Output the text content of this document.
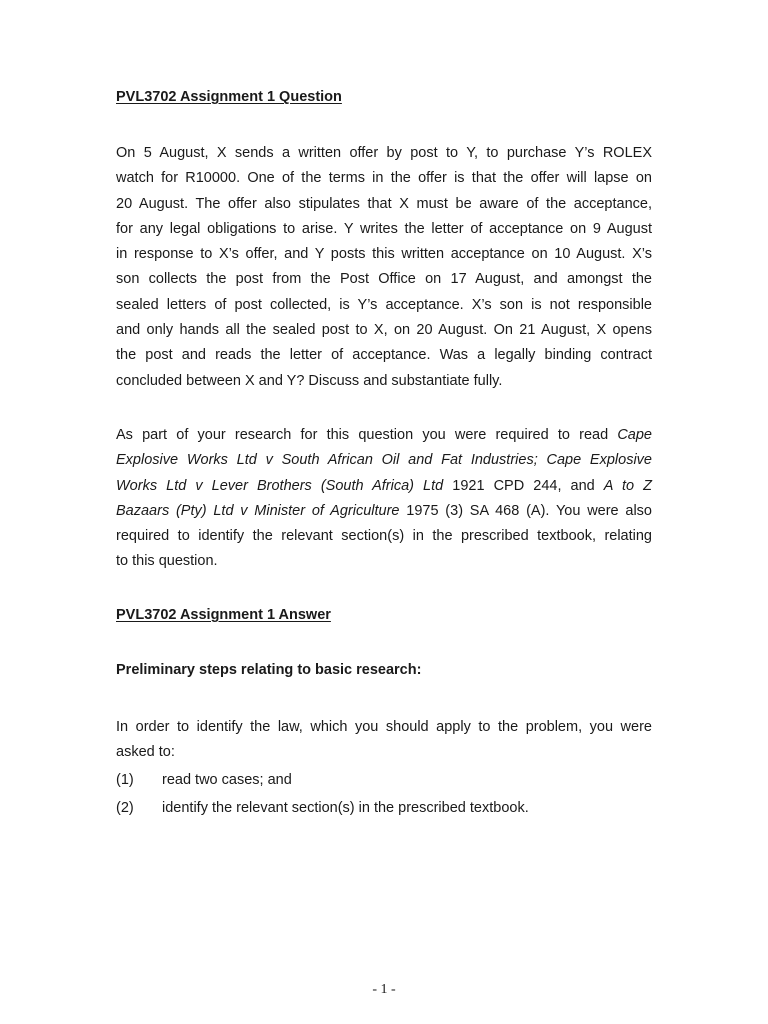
PVL3702 Assignment 1 Question
On 5 August, X sends a written offer by post to Y, to purchase Y’s ROLEX
watch for R10000. One of the terms in the offer is that the offer will lapse on
20 August. The offer also stipulates that X must be aware of the acceptance,
for any legal obligations to arise. Y writes the letter of acceptance on 9 August
in response to X’s offer, and Y posts this written acceptance on 10 August. X’s
son collects the post from the Post Office on 17 August, and amongst the
sealed letters of post collected, is Y’s acceptance. X’s son is not responsible
and only hands all the sealed post to X, on 20 August. On 21 August, X opens
the post and reads the letter of acceptance. Was a legally binding contract
concluded between X and Y? Discuss and substantiate fully.
As part of your research for this question you were required to read Cape
Explosive Works Ltd v South African Oil and Fat Industries; Cape Explosive
Works Ltd v Lever Brothers (South Africa) Ltd 1921 CPD 244, and A to Z
Bazaars (Pty) Ltd v Minister of Agriculture 1975 (3) SA 468 (A). You were also
required to identify the relevant section(s) in the prescribed textbook, relating
to this question.
PVL3702 Assignment 1 Answer
Preliminary steps relating to basic research:
In order to identify the law, which you should apply to the problem, you were
asked to:
(1) read two cases; and
(2) identify the relevant section(s) in the prescribed textbook.
- 1 -
